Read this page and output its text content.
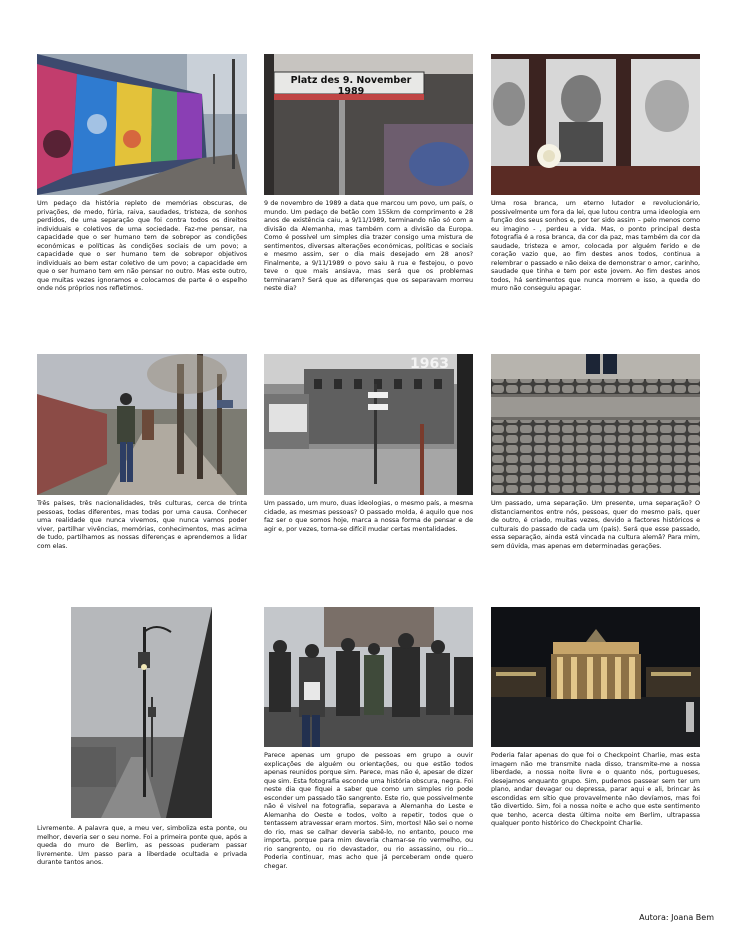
Um pedaço da história repleto de memórias obscuras, de privações, de medo, fúria, raiva, saudades, tristeza, de sonhos perdidos, de uma separação que foi contra todos os direitos individuais e coletivos de uma sociedade. Faz-me pensar, na capacidade que o ser humano tem de sobrepor as condições económicas e políticas às condições sociais de um povo; a capacidade que o ser humano tem de sobrepor objetivos individuais ao bem estar coletivo de um povo; a capacidade em que o ser humano tem em não pensar no outro. Mas este outro, que muitas vezes ignoramos e colocamos de parte é o espelho onde nós próprios nos refletimos.

Platz des 9. November 1989

9 de novembro de 1989 a data que marcou um povo, um país, o mundo. Um pedaço de betão com 155km de comprimento e 28 anos de existência caiu, a 9/11/1989, terminando não só com a divisão da Alemanha, mas também com a divisão da Europa. Como é possível um simples dia trazer consigo uma mistura de sentimentos, diversas alterações económicas, políticas e sociais e mesmo assim, ser o dia mais desejado em 28 anos? Finalmente, a 9/11/1989 o povo saiu à rua e festejou, o povo teve o que mais ansiava, mas será que os problemas terminaram? Será que as diferenças que os separavam morreu neste dia?

Uma rosa branca, um eterno lutador e revolucionário, possivelmente um fora da lei, que lutou contra uma ideologia em função dos seus sonhos e, por ter sido assim – pelo menos como eu imagino - , perdeu a vida. Mas, o ponto principal desta fotografia é a rosa branca, da cor da paz, mas também da cor da saudade, tristeza e amor, colocada por alguém ferido e de coração vazio que, ao fim destes anos todos, continua a relembrar o passado e não deixa de demonstrar o amor, carinho, saudade que tinha e tem por este jovem. Ao fim destes anos todos, há sentimentos que nunca morrem e isso, a queda do muro não conseguiu apagar.

Três países, três nacionalidades, três culturas, cerca de trinta pessoas, todas diferentes, mas todas por uma causa. Conhecer uma realidade que nunca vivemos, que nunca vamos poder viver, partilhar vivências, memórias, conhecimentos, mas acima de tudo, partilhamos as nossas diferenças e aprendemos a lidar com elas.

1963

Um passado, um muro, duas ideologias, o mesmo país, a mesma cidade, as mesmas pessoas? O passado molda, é aquilo que nos faz ser o que somos hoje, marca a nossa forma de pensar e de agir e, por vezes, torna-se difícil mudar certas mentalidades.

Um passado, uma separação. Um presente, uma separação? O distanciamentos entre nós, pessoas, quer do mesmo país, quer de outro, é criado, muitas vezes, devido a factores históricos e culturais do passado de cada um (país). Será que esse passado, essa separação, ainda está vincada na cultura alemã? Para mim, sem dúvida, mas apenas em determinadas gerações.

Livremente. A palavra que, a meu ver, simboliza esta ponte, ou melhor, deveria ser o seu nome. Foi a primeira ponte que, após a queda do muro de Berlim, as pessoas puderam passar livremente. Um passo para a liberdade ocultada e privada durante tantos anos.

Parece apenas um grupo de pessoas em grupo a ouvir explicações de alguém ou orientações, ou que estão todos apenas reunidos porque sim. Parece, mas não é, apesar de dizer que sim. Esta fotografia esconde uma história obscura, negra. Foi neste dia que fiquei a saber que como um simples rio pode esconder um passado tão sangrento. Este rio, que possivelmente não é visível na fotografia, separava a Alemanha do Leste e Alemanha do Oeste e todos, volto a repetir, todos que o tentassem atravessar eram mortos. Sim, mortos! Não sei o nome do rio, mas se calhar deveria sabê-lo, no entanto, pouco me importa, porque para mim deveria chamar-se rio vermelho, ou rio sangrento, ou rio devastador, ou rio assassino, ou rio... Poderia continuar, mas acho que já perceberam onde quero chegar.

Poderia falar apenas do que foi o Checkpoint Charlie, mas esta imagem não me transmite nada disso, transmite-me a nossa liberdade, a nossa noite livre e o quanto nós, portugueses, desejamos enquanto grupo. Sim, pudemos passear sem ter um plano, andar devagar ou depressa, parar aqui e ali, brincar às escondidas em sítio que provavelmente não devíamos, mas foi tão divertido. Sim, foi a nossa noite e acho que este sentimento que tenho, acerca desta última noite em Berlim, ultrapassa qualquer ponto histórico do Checkpoint Charlie.

Autora: Joana Bem
